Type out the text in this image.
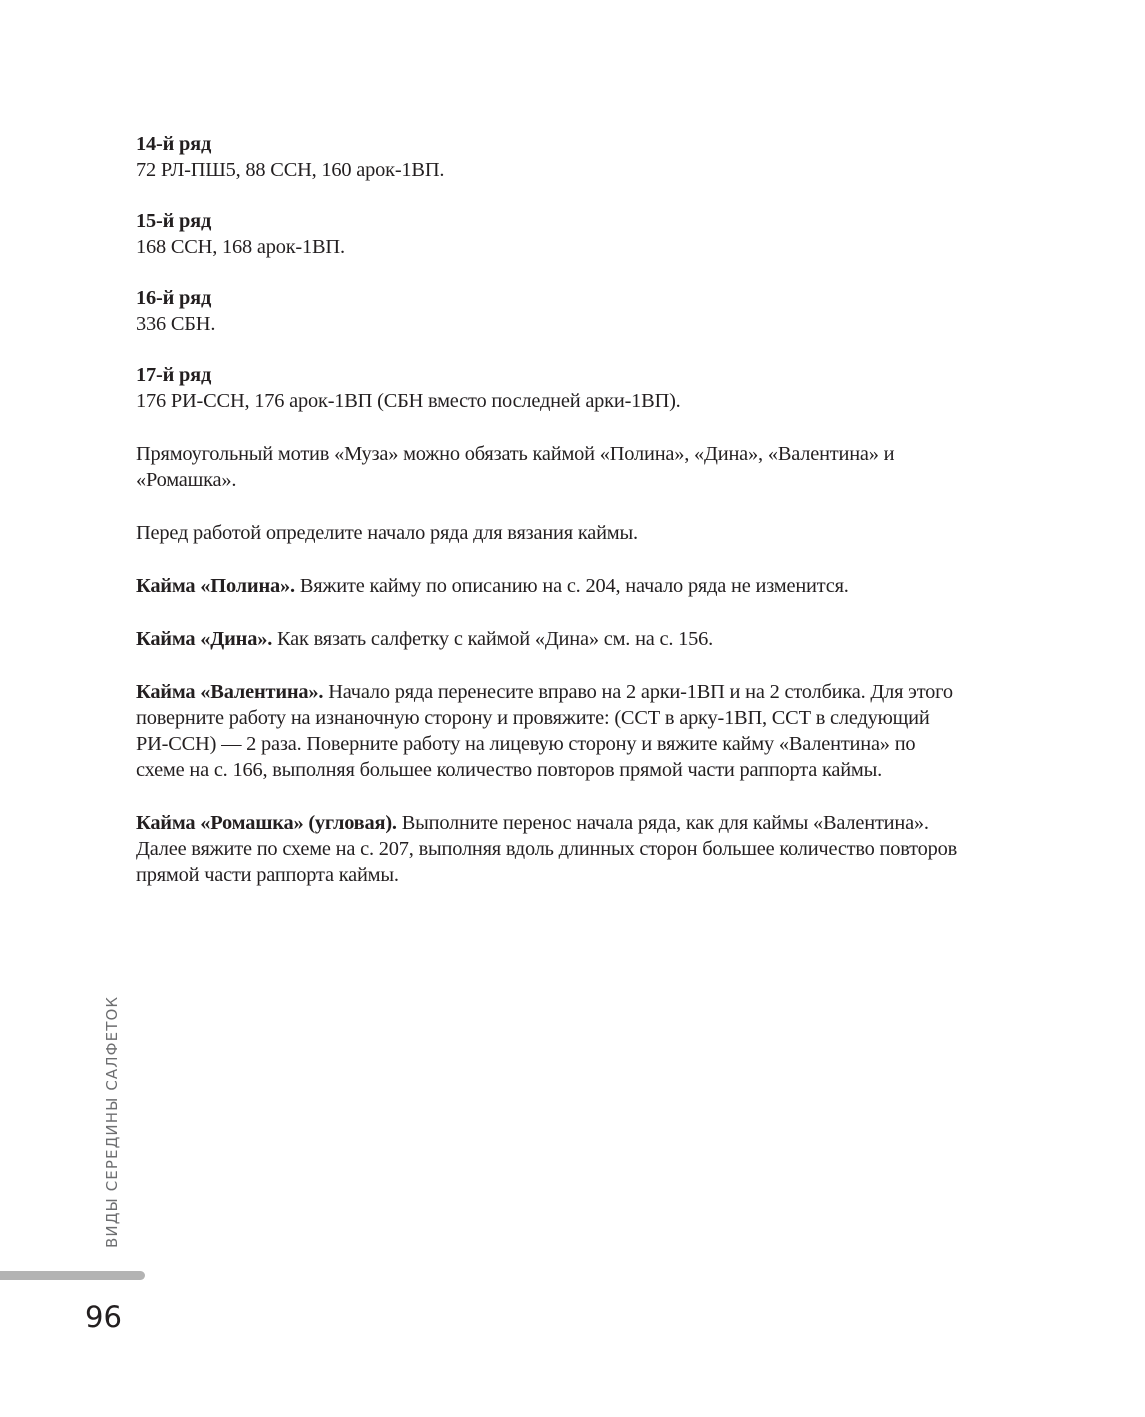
14-й ряд
72 РЛ-ПШ5, 88 ССН, 160 арок-1ВП.
15-й ряд
168 ССН, 168 арок-1ВП.
16-й ряд
336 СБН.
17-й ряд
176 РИ-ССН, 176 арок-1ВП (СБН вместо последней арки-1ВП).

Прямоугольный мотив «Муза» можно обязать каймой «Полина», «Дина», «Валентина» и «Ромашка».

Перед работой определите начало ряда для вязания каймы.

Кайма «Полина». Вяжите кайму по описанию на с. 204, начало ряда не изменится.

Кайма «Дина». Как вязать салфетку с каймой «Дина» см. на с. 156.

Кайма «Валентина». Начало ряда перенесите вправо на 2 арки-1ВП и на 2 столбика. Для этого поверните работу на изнаночную сторону и провяжите: (ССТ в арку-1ВП, ССТ в следующий РИ-ССН) — 2 раза. Поверните работу на лицевую сторону и вяжите кайму «Валентина» по схеме на с. 166, выполняя большее количество повторов прямой части раппорта каймы.

Кайма «Ромашка» (угловая). Выполните перенос начала ряда, как для каймы «Валентина». Далее вяжите по схеме на с. 207, выполняя вдоль длинных сторон большее количество повторов прямой части раппорта каймы.

ВИДЫ СЕРЕДИНЫ САЛФЕТОК
96
